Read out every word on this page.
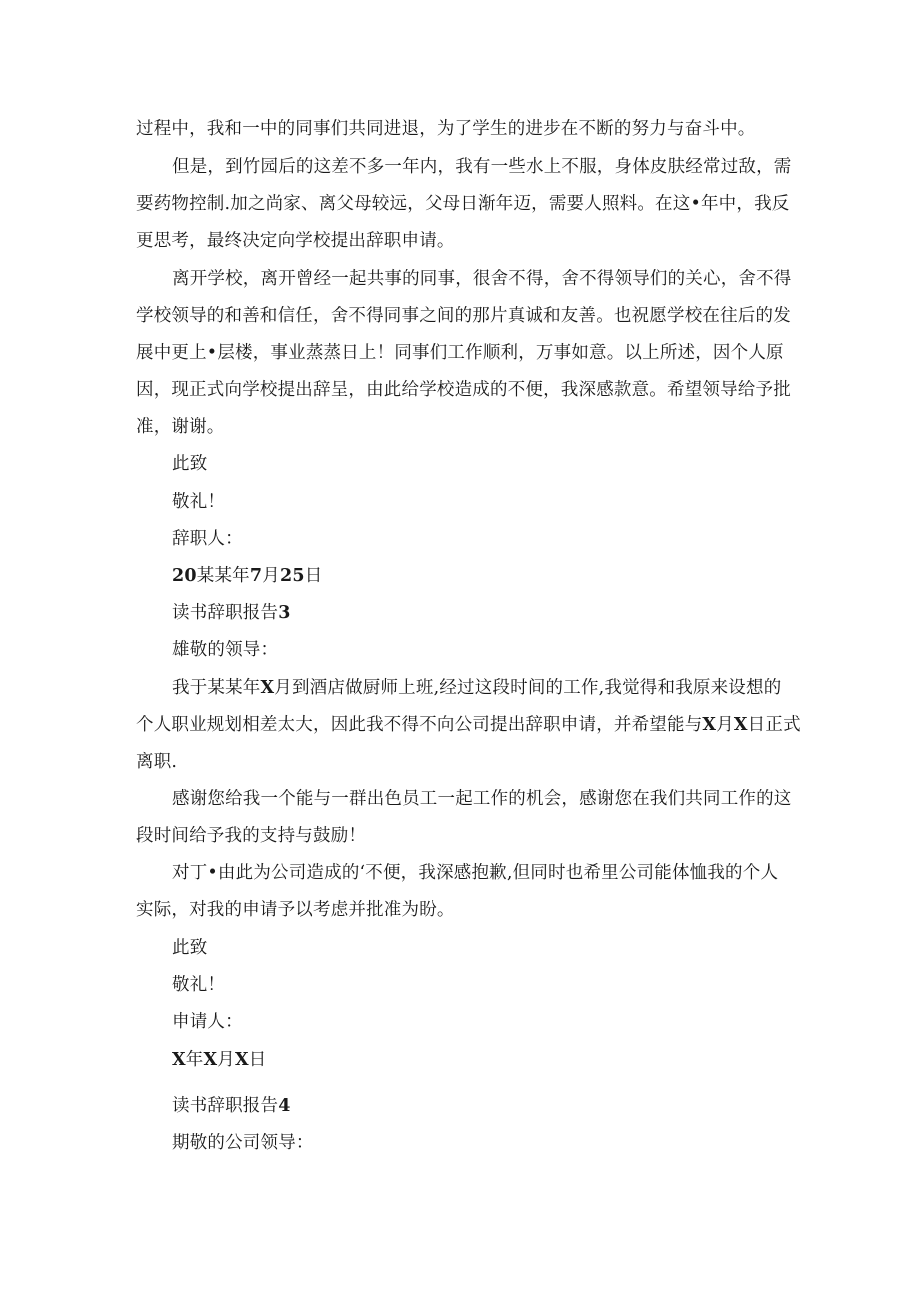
过程中，我和一中的同事们共同进退，为了学生的进步在不断的努力与奋斗中。
但是，到竹园后的这差不多一年内，我有一些水上不服，身体皮肤经常过敌，需
要药物控制.加之尚家、离父母较远，父母日渐年迈，需要人照料。在这•年中，我反
更思考，最终决定向学校提出辞职申请。
离开学校，离开曾经一起共事的同事，很舍不得，舍不得领导们的关心，舍不得
学校领导的和善和信任，舍不得同事之间的那片真诚和友善。也祝愿学校在往后的发
展中更上•层楼，事业蒸蒸日上！同事们工作顺利，万事如意。以上所述，因个人原
因，现正式向学校提出辞呈，由此给学校造成的不便，我深感款意。希望领导给予批
准，谢谢。
此致
敬礼！
辞职人：
20某某年7月25日
读书辞职报告3
雄敬的领导：
我于某某年X月到酒店做厨师上班,经过这段时间的工作,我觉得和我原来设想的
个人职业规划相差太大，因此我不得不向公司提出辞职申请，并希望能与X月X日正式
离职.
感谢您给我一个能与一群出色员工一起工作的机会，感谢您在我们共同工作的这
段时间给予我的支持与鼓励！
对丁•由此为公司造成的‘不便，我深感抱歉,但同时也希里公司能体恤我的个人
实际，对我的申请予以考虑并批准为盼。
此致
敬礼！
申请人：
X年X月X日
读书辞职报告4
期敬的公司领导：
